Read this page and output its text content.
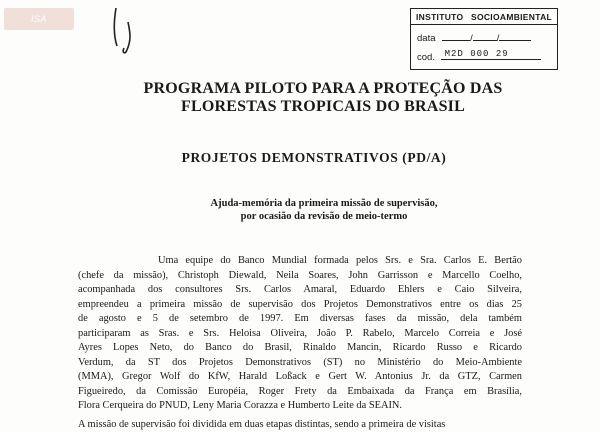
ISA	INSTITUTO SOCIOAMBIENTAL
data	/	/
cod. M2D 000 29
PROGRAMA PILOTO PARA A PROTEÇÃO DAS
FLORESTAS TROPICAIS DO BRASIL
PROJETOS DEMONSTRATIVOS (PD/A)
Ajuda-memória da primeira missão de supervisão,
por ocasião da revisão de meio-termo
Uma equipe do Banco Mundial formada pelos Srs. e Sra. Carlos E. Bertão
(chefe da missão), Christoph Diewald, Neila Soares, John Garrisson e Marcello Coelho,
acompanhada dos consultores Srs. Carlos Amaral, Eduardo Ehlers e Caio Silveira,
empreendeu a primeira missão de supervisão dos Projetos Demonstrativos entre os dias 25
de agosto e 5 de setembro de 1997. Em diversas fases da missão, dela também
participaram as Sras. e Srs. Heloisa Oliveira, João P. Rabelo, Marcelo Correia e José
Ayres Lopes Neto, do Banco do Brasil, Rinaldo Mancin, Ricardo Russo e Ricardo
Verdum, da ST dos Projetos Demonstrativos (ST) no Ministério do Meio-Ambiente
(MMA), Gregor Wolf do KfW, Harald Loßack e Gert W. Antonius Jr. da GTZ, Carmen
Figueiredo, da Comissão Européia, Roger Frety da Embaixada da França em Brasília,
Flora Cerqueira do PNUD, Leny Maria Corazza e Humberto Leite da SEAIN.
A missão de supervisão foi dividida em duas etapas distintas, sendo a primeira de visitas
